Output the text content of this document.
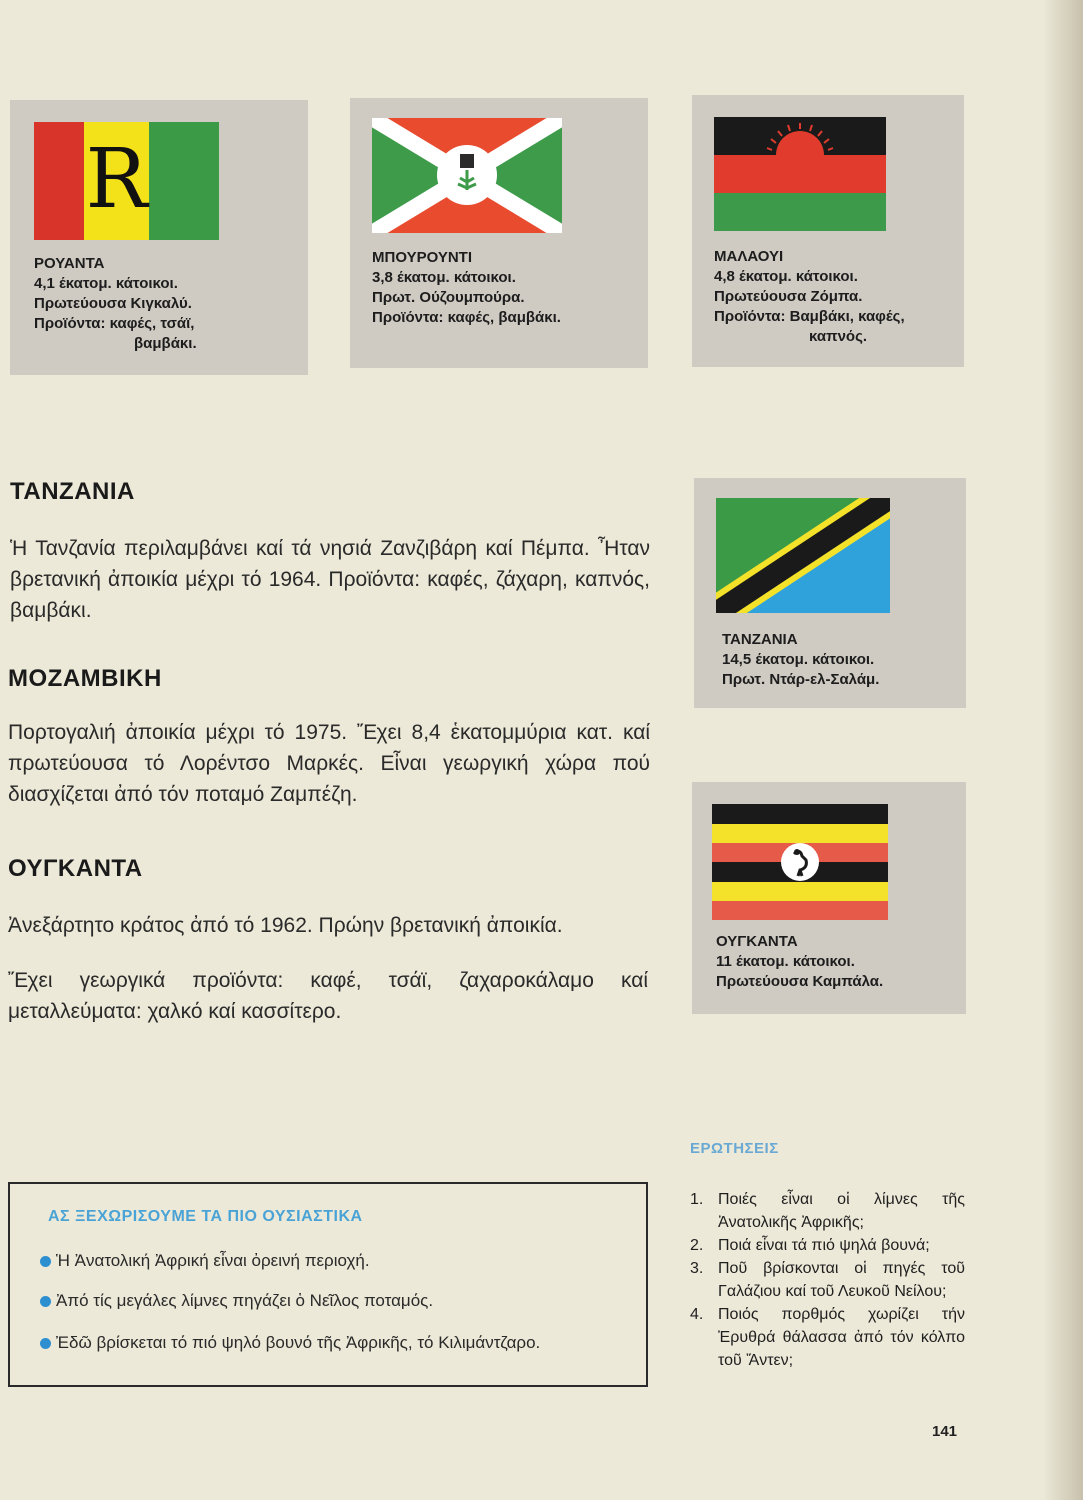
R
ΡΟΥΑΝΤΑ
4,1 έκατομ. κάτοικοι.
Πρωτεύουσα Κιγκαλύ.
Προϊόντα: καφές, τσάϊ,
βαμβάκι.
ΜΠΟΥΡΟΥΝΤΙ
3,8 έκατομ. κάτοικοι.
Πρωτ. Ούζουμπούρα.
Προϊόντα: καφές, βαμβάκι.
ΜΑΛΑΟΥΙ
4,8 έκατομ. κάτοικοι.
Πρωτεύουσα Ζόμπα.
Προϊόντα: Βαμβάκι, καφές,
καπνός.
ΤΑΝΖΑΝΙΑ
14,5 έκατομ. κάτοικοι.
Πρωτ. Ντάρ-ελ-Σαλάμ.
ΟΥΓΚΑΝΤΑ
11 έκατομ. κάτοικοι.
Πρωτεύουσα Καμπάλα.
ΤΑΝΖΑΝΙΑ

Ἡ Τανζανία περιλαμβάνει καί τά νησιά Ζανζιβάρη καί Πέμπα. Ἦταν βρετανική ἀποικία μέχρι τό 1964. Προϊόντα: καφές, ζάχαρη, καπνός, βαμβάκι.

ΜΟΖΑΜΒΙΚΗ

Πορτογαλιή ἀποικία μέχρι τό 1975. Ἔχει 8,4 ἑκατομμύρια κατ. καί πρωτεύουσα τό Λορέντσο Μαρκές. Εἶναι γεωργική χώρα πού διασχίζεται ἀπό τόν ποταμό Ζαμπέζη.

ΟΥΓΚΑΝΤΑ

Ἀνεξάρτητο κράτος ἀπό τό 1962. Πρώην βρετανική ἀποικία.

Ἔχει γεωργικά προϊόντα: καφέ, τσάϊ, ζαχαροκάλαμο καί μεταλλεύματα: χαλκό καί κασσίτερο.

ΑΣ ΞΕΧΩΡΙΣΟΥΜΕ ΤΑ ΠΙΟ ΟΥΣΙΑΣΤΙΚΑ
Ἡ Ἀνατολική Ἀφρική εἶναι ὀρεινή περιοχή.
Ἀπό τίς μεγάλες λίμνες πηγάζει ὁ Νεῖλος ποταμός.
Ἐδῶ βρίσκεται τό πιό ψηλό βουνό τῆς Ἀφρικῆς, τό Κιλιμάντζαρο.
ΕΡΩΤΗΣΕΙΣ
1. Ποιές εἶναι οἱ λίμνες τῆς Ἀνατολικῆς Ἀφρικῆς;
2. Ποιά εἶναι τά πιό ψηλά βουνά;
3. Ποῦ βρίσκονται οἱ πηγές τοῦ Γαλάζιου καί τοῦ Λευκοῦ Νείλου;
4. Ποιός πορθμός χωρίζει τήν Ἐρυθρά θάλασσα ἀπό τόν κόλπο τοῦ Ἄντεν;
141
